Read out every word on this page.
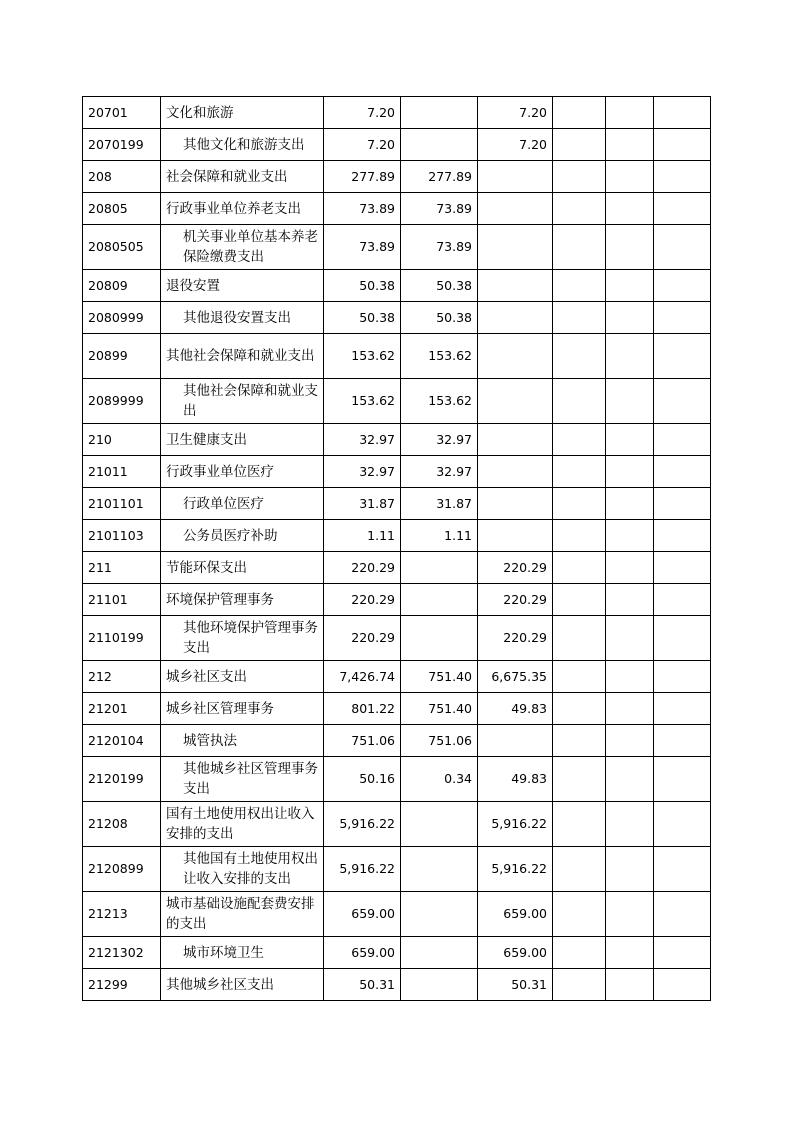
20701	文化和旅游	7.20		7.20			
2070199	其他文化和旅游支出	7.20		7.20			
208	社会保障和就业支出	277.89	277.89				
20805	行政事业单位养老支出	73.89	73.89				
2080505	机关事业单位基本养老保险缴费支出	73.89	73.89				
20809	退役安置	50.38	50.38				
2080999	其他退役安置支出	50.38	50.38				
20899	其他社会保障和就业支出	153.62	153.62				
2089999	其他社会保障和就业支出	153.62	153.62				
210	卫生健康支出	32.97	32.97				
21011	行政事业单位医疗	32.97	32.97				
2101101	行政单位医疗	31.87	31.87				
2101103	公务员医疗补助	1.11	1.11				
211	节能环保支出	220.29		220.29			
21101	环境保护管理事务	220.29		220.29			
2110199	其他环境保护管理事务支出	220.29		220.29			
212	城乡社区支出	7,426.74	751.40	6,675.35			
21201	城乡社区管理事务	801.22	751.40	49.83			
2120104	城管执法	751.06	751.06				
2120199	其他城乡社区管理事务支出	50.16	0.34	49.83			
21208	国有土地使用权出让收入安排的支出	5,916.22		5,916.22			
2120899	其他国有土地使用权出让收入安排的支出	5,916.22		5,916.22			
21213	城市基础设施配套费安排的支出	659.00		659.00			
2121302	城市环境卫生	659.00		659.00			
21299	其他城乡社区支出	50.31		50.31			
